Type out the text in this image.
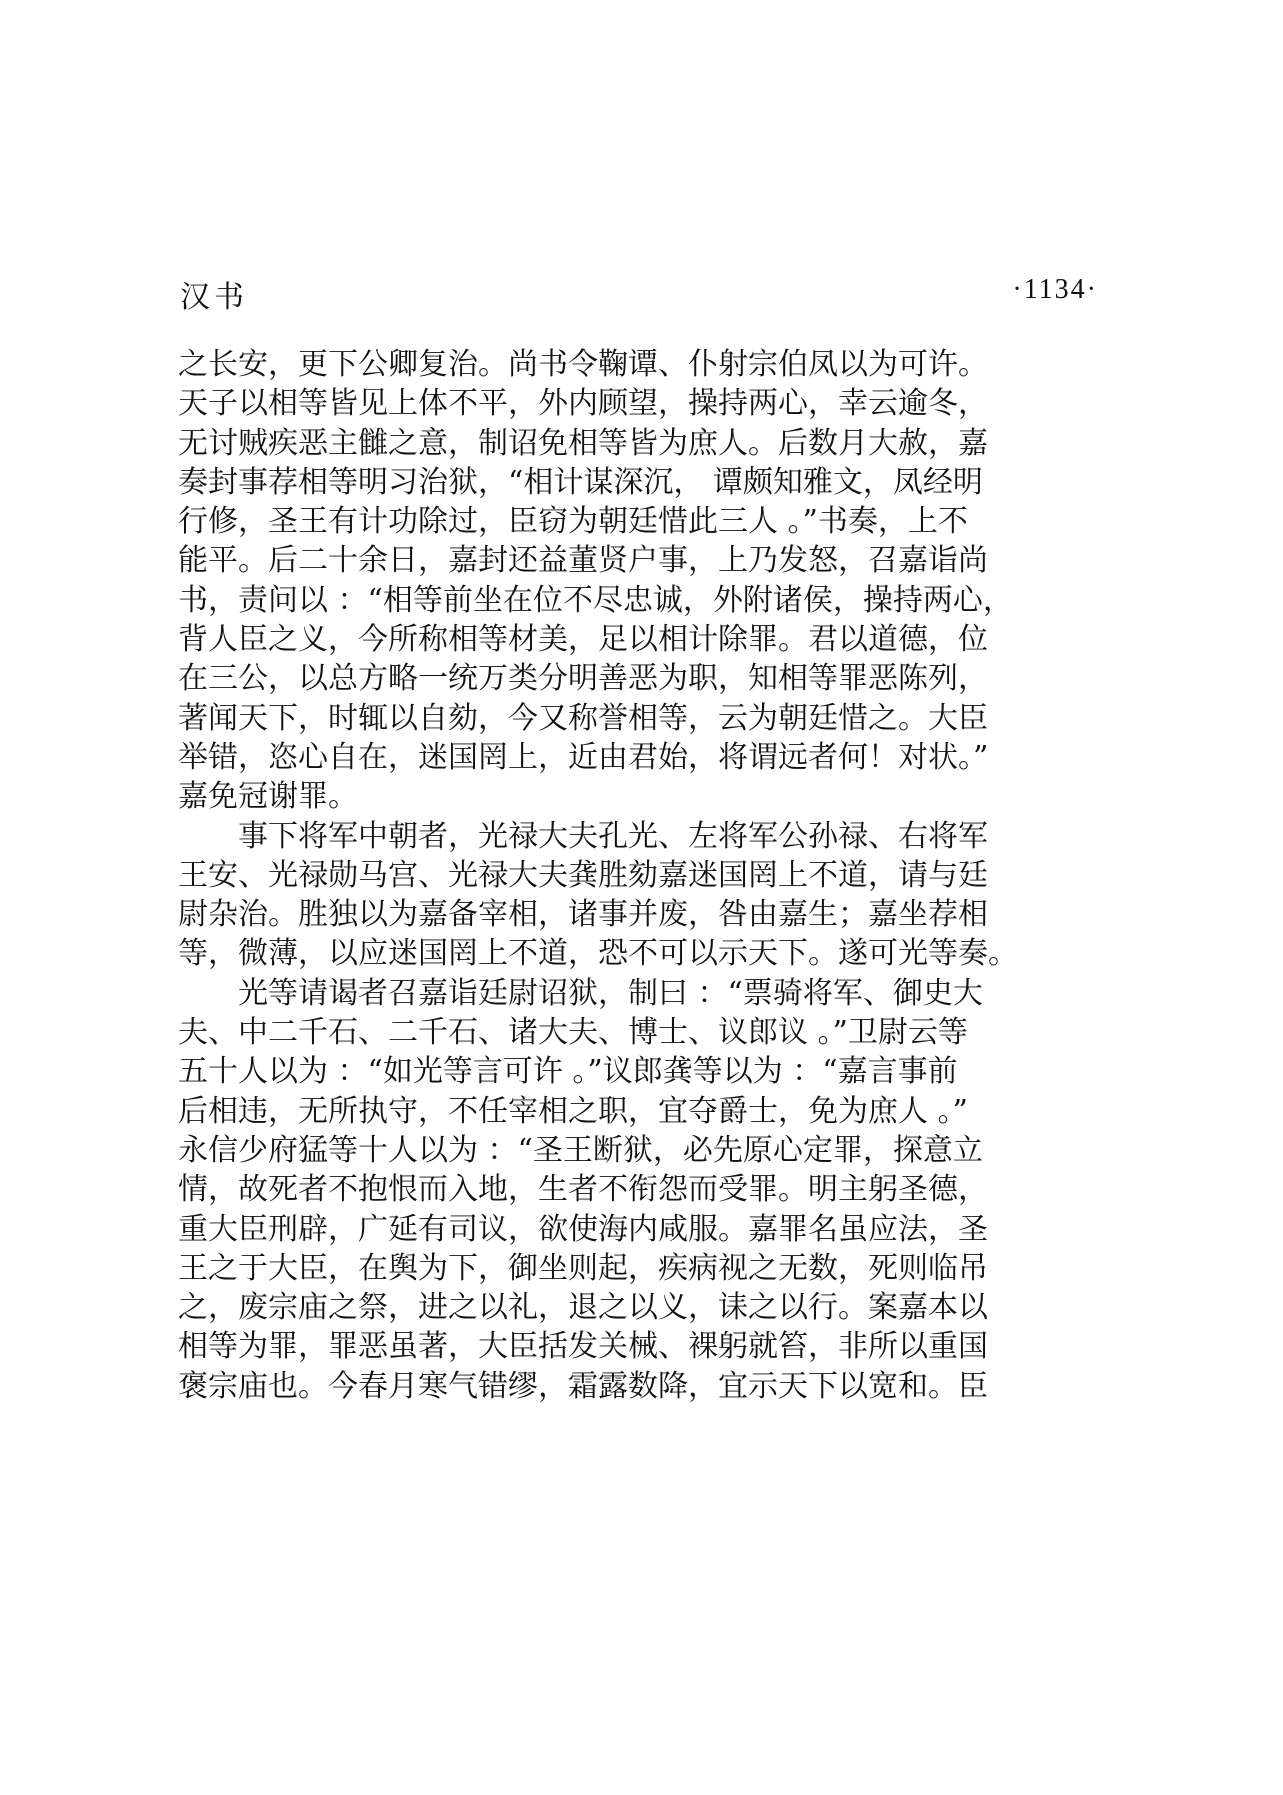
汉书	·1134·
之长安，更下公卿复治。尚书令鞠谭、仆射宗伯凤以为可许。
天子以相等皆见上体不平，外内顾望，操持两心，幸云逾冬，
无讨贼疾恶主雠之意，制诏免相等皆为庶人。后数月大赦，嘉
奏封事荐相等明习治狱，“相计谋深沉， 谭颇知雅文，凤经明
行修，圣王有计功除过，臣窃为朝廷惜此三人 。”书奏，上不
能平。后二十余日，嘉封还益董贤户事，上乃发怒，召嘉诣尚
书，责问以 ：“相等前坐在位不尽忠诚，外附诸侯，操持两心，
背人臣之义，今所称相等材美，足以相计除罪。君以道德，位
在三公，以总方略一统万类分明善恶为职，知相等罪恶陈列，
著闻天下，时辄以自劾，今又称誉相等，云为朝廷惜之。大臣
举错，恣心自在，迷国罔上，近由君始，将谓远者何！对状。”
嘉免冠谢罪。
事下将军中朝者，光禄大夫孔光、左将军公孙禄、右将军
王安、光禄勋马宫、光禄大夫龚胜劾嘉迷国罔上不道，请与廷
尉杂治。胜独以为嘉备宰相，诸事并废，咎由嘉生；嘉坐荐相
等，微薄，以应迷国罔上不道，恐不可以示天下。遂可光等奏。
光等请谒者召嘉诣廷尉诏狱，制曰 ：“票骑将军、御史大
夫、中二千石、二千石、诸大夫、博士、议郎议 。”卫尉云等
五十人以为 ：“如光等言可许 。”议郎龚等以为 ：“嘉言事前
后相违，无所执守，不任宰相之职，宜夺爵士，免为庶人 。”
永信少府猛等十人以为 ：“圣王断狱，必先原心定罪，探意立
情，故死者不抱恨而入地，生者不衔怨而受罪。明主躬圣德，
重大臣刑辟，广延有司议，欲使海内咸服。嘉罪名虽应法，圣
王之于大臣，在舆为下，御坐则起，疾病视之无数，死则临吊
之，废宗庙之祭，进之以礼，退之以义，诔之以行。案嘉本以
相等为罪，罪恶虽著，大臣括发关械、裸躬就笞，非所以重国
褒宗庙也。今春月寒气错缪，霜露数降，宜示天下以宽和。臣
